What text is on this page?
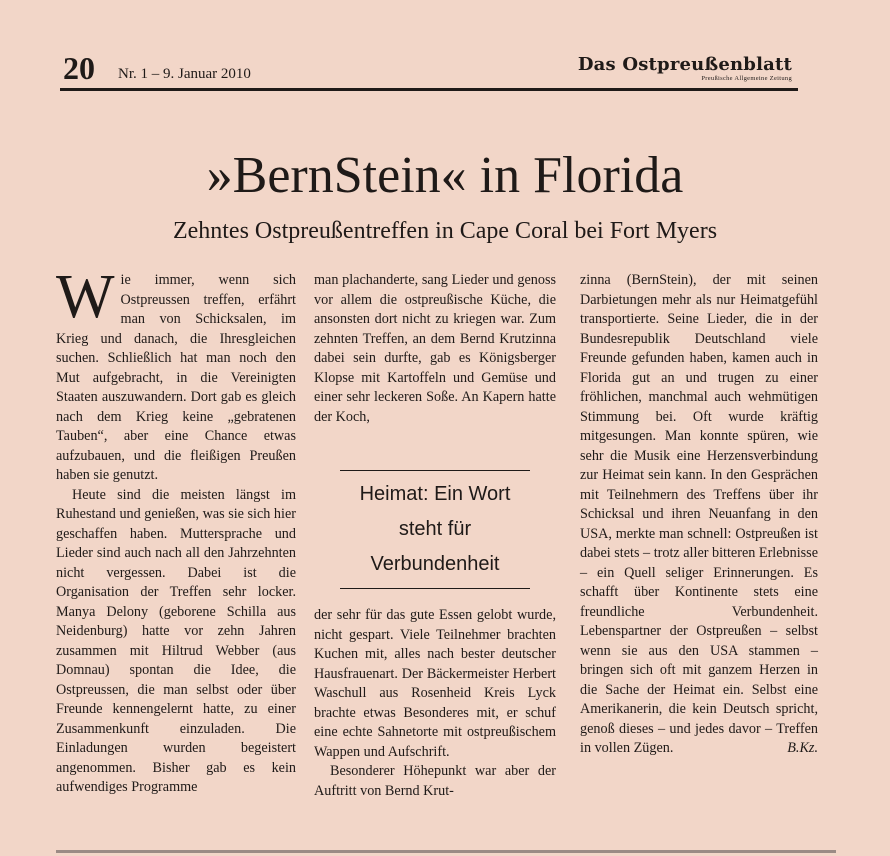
20 Nr. 1 – 9. Januar 2010	Das Ostpreußenblatt
Preußische Allgemeine Zeitung
»BernStein« in Florida
Zehntes Ostpreußentreffen in Cape Coral bei Fort Myers

Wie immer, wenn sich Ostpreussen treffen, erfährt man von Schicksalen, im Krieg und danach, die Ihresgleichen suchen. Schließlich hat man noch den Mut aufgebracht, in die Vereinigten Staaten auszuwandern. Dort gab es gleich nach dem Krieg keine „gebratenen Tauben“, aber eine Chance etwas aufzubauen, und die fleißigen Preußen haben sie genutzt.

Heute sind die meisten längst im Ruhestand und genießen, was sie sich hier geschaffen haben. Muttersprache und Lieder sind auch nach all den Jahrzehnten nicht vergessen. Dabei ist die Organisation der Treffen sehr locker. Manya Delony (geborene Schilla aus Neidenburg) hatte vor zehn Jahren zusammen mit Hiltrud Webber (aus Domnau) spontan die Idee, die Ostpreussen, die man selbst oder über Freunde kennengelernt hatte, zu einer Zusammenkunft einzuladen. Die Einladungen wurden begeistert angenommen. Bisher gab es kein aufwendiges Programme

man plachanderte, sang Lieder und genoss vor allem die ostpreußische Küche, die ansonsten dort nicht zu kriegen war. Zum zehnten Treffen, an dem Bernd Krutzinna dabei sein durfte, gab es Königsberger Klopse mit Kartoffeln und Gemüse und einer sehr leckeren Soße. An Kapern hatte der Koch,

Heimat: Ein Wort steht für Verbundenheit

der sehr für das gute Essen gelobt wurde, nicht gespart. Viele Teilnehmer brachten Kuchen mit, alles nach bester deutscher Hausfrauenart. Der Bäckermeister Herbert Waschull aus Rosenheid Kreis Lyck brachte etwas Besonderes mit, er schuf eine echte Sahnetorte mit ostpreußischem Wappen und Aufschrift.

Besonderer Höhepunkt war aber der Auftritt von Bernd Krut-

zinna (BernStein), der mit seinen Darbietungen mehr als nur Heimatgefühl transportierte. Seine Lieder, die in der Bundesrepublik Deutschland viele Freunde gefunden haben, kamen auch in Florida gut an und trugen zu einer fröhlichen, manchmal auch wehmütigen Stimmung bei. Oft wurde kräftig mitgesungen. Man konnte spüren, wie sehr die Musik eine Herzensverbindung zur Heimat sein kann. In den Gesprächen mit Teilnehmern des Treffens über ihr Schicksal und ihren Neuanfang in den USA, merkte man schnell: Ostpreußen ist dabei stets – trotz aller bitteren Erlebnisse – ein Quell seliger Erinnerungen. Es schafft über Kontinente stets eine freundliche Verbundenheit. Lebenspartner der Ostpreußen – selbst wenn sie aus den USA stammen – bringen sich oft mit ganzem Herzen in die Sache der Heimat ein. Selbst eine Amerikanerin, die kein Deutsch spricht, genoß dieses – und jedes davor – Treffen in vollen Zügen.	B.Kz.
